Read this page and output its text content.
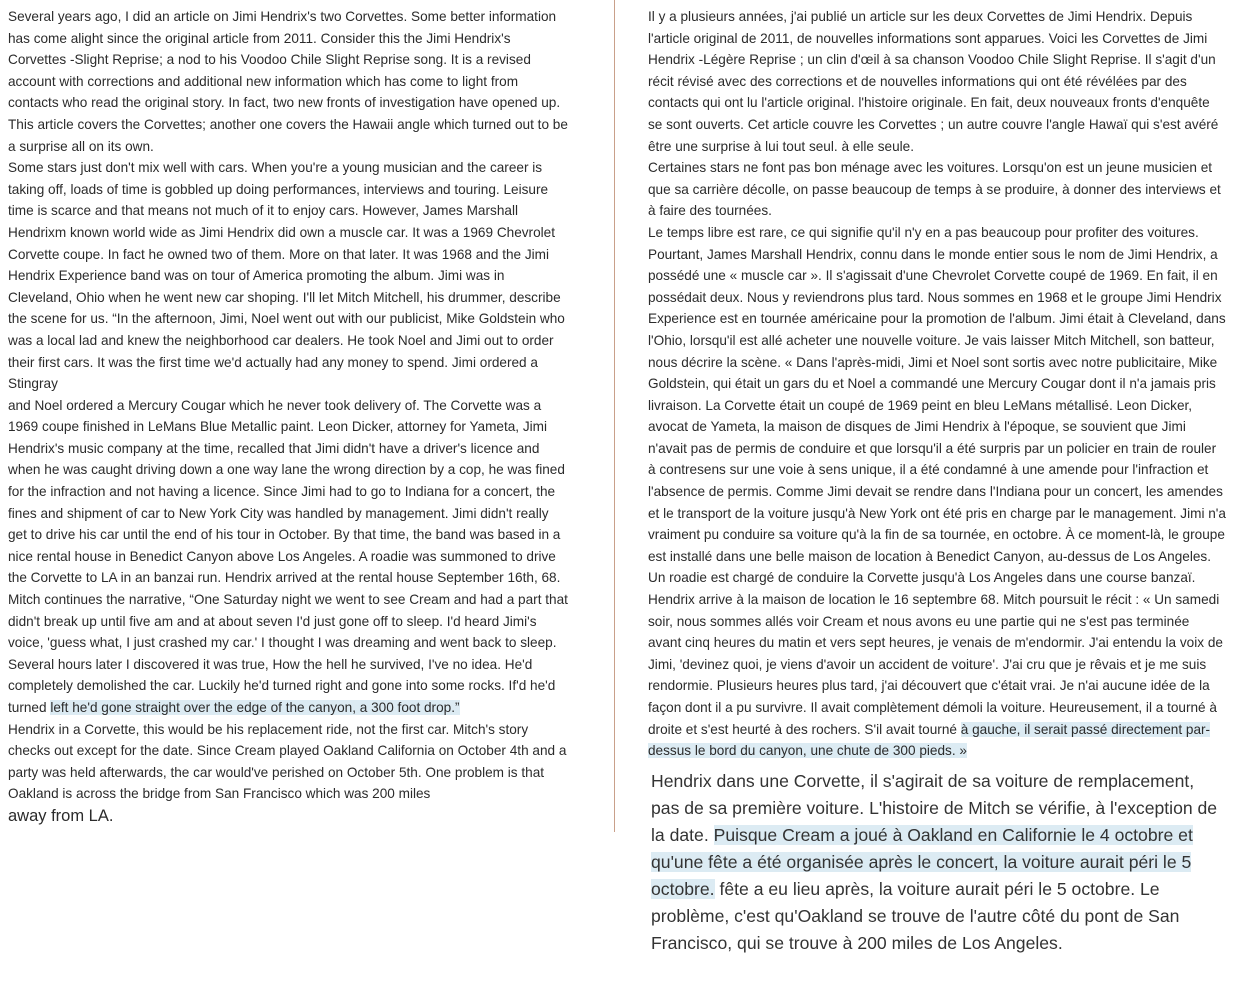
Several years ago, I did an article on Jimi Hendrix's two Corvettes. Some better information has come alight since the original article from 2011. Consider this the Jimi Hendrix's Corvettes -Slight Reprise; a nod to his Voodoo Chile Slight Reprise song. It is a revised account with corrections and additional new information which has come to light from contacts who read the original story. In fact, two new fronts of investigation have opened up. This article covers the Corvettes; another one covers the Hawaii angle which turned out to be a surprise all on its own.

Some stars just don't mix well with cars. When you're a young musician and the career is taking off, loads of time is gobbled up doing performances, interviews and touring. Leisure time is scarce and that means not much of it to enjoy cars. However, James Marshall Hendrixm known world wide as Jimi Hendrix did own a muscle car. It was a 1969 Chevrolet Corvette coupe. In fact he owned two of them. More on that later. It was 1968 and the Jimi Hendrix Experience band was on tour of America promoting the album. Jimi was in Cleveland, Ohio when he went new car shoping. I'll let Mitch Mitchell, his drummer, describe the scene for us. “In the afternoon, Jimi, Noel went out with our publicist, Mike Goldstein who was a local lad and knew the neighborhood car dealers. He took Noel and Jimi out to order their first cars. It was the first time we'd actually had any money to spend. Jimi ordered a Stingray

and Noel ordered a Mercury Cougar which he never took delivery of. The Corvette was a 1969 coupe finished in LeMans Blue Metallic paint. Leon Dicker, attorney for Yameta, Jimi Hendrix's music company at the time, recalled that Jimi didn't have a driver's licence and when he was caught driving down a one way lane the wrong direction by a cop, he was fined for the infraction and not having a licence. Since Jimi had to go to Indiana for a concert, the fines and shipment of car to New York City was handled by management. Jimi didn't really get to drive his car until the end of his tour in October. By that time, the band was based in a nice rental house in Benedict Canyon above Los Angeles. A roadie was summoned to drive the Corvette to LA in an banzai run. Hendrix arrived at the rental house September 16th, 68. Mitch continues the narrative, “One Saturday night we went to see Cream and had a part that didn't break up until five am and at about seven I'd just gone off to sleep. I'd heard Jimi's voice, 'guess what, I just crashed my car.' I thought I was dreaming and went back to sleep. Several hours later I discovered it was true, How the hell he survived, I've no idea. He'd completely demolished the car. Luckily he'd turned right and gone into some rocks. If'd he'd turned left he'd gone straight over the edge of the canyon, a 300 foot drop.”

Hendrix in a Corvette, this would be his replacement ride, not the first car. Mitch's story checks out except for the date. Since Cream played Oakland California on October 4th and a party was held afterwards, the car would've perished on October 5th. One problem is that Oakland is across the bridge from San Francisco which was 200 miles

away from LA.

Il y a plusieurs années, j'ai publié un article sur les deux Corvettes de Jimi Hendrix. Depuis l'article original de 2011, de nouvelles informations sont apparues. Voici les Corvettes de Jimi Hendrix -Légère Reprise ; un clin d'œil à sa chanson Voodoo Chile Slight Reprise. Il s'agit d'un récit révisé avec des corrections et de nouvelles informations qui ont été révélées par des contacts qui ont lu l'article original. l'histoire originale. En fait, deux nouveaux fronts d'enquête se sont ouverts. Cet article couvre les Corvettes ; un autre couvre l'angle Hawaï qui s'est avéré être une surprise à lui tout seul. à elle seule.

Certaines stars ne font pas bon ménage avec les voitures. Lorsqu'on est un jeune musicien et que sa carrière décolle, on passe beaucoup de temps à se produire, à donner des interviews et à faire des tournées.

Le temps libre est rare, ce qui signifie qu'il n'y en a pas beaucoup pour profiter des voitures. Pourtant, James Marshall Hendrix, connu dans le monde entier sous le nom de Jimi Hendrix, a possédé une « muscle car ». Il s'agissait d'une Chevrolet Corvette coupé de 1969. En fait, il en possédait deux. Nous y reviendrons plus tard. Nous sommes en 1968 et le groupe Jimi Hendrix Experience est en tournée américaine pour la promotion de l'album. Jimi était à Cleveland, dans l'Ohio, lorsqu'il est allé acheter une nouvelle voiture. Je vais laisser Mitch Mitchell, son batteur, nous décrire la scène. « Dans l'après-midi, Jimi et Noel sont sortis avec notre publicitaire, Mike Goldstein, qui était un gars du et Noel a commandé une Mercury Cougar dont il n'a jamais pris livraison. La Corvette était un coupé de 1969 peint en bleu LeMans métallisé. Leon Dicker, avocat de Yameta, la maison de disques de Jimi Hendrix à l'époque, se souvient que Jimi n'avait pas de permis de conduire et que lorsqu'il a été surpris par un policier en train de rouler à contresens sur une voie à sens unique, il a été condamné à une amende pour l'infraction et l'absence de permis. Comme Jimi devait se rendre dans l'Indiana pour un concert, les amendes et le transport de la voiture jusqu'à New York ont été pris en charge par le management. Jimi n'a vraiment pu conduire sa voiture qu'à la fin de sa tournée, en octobre. À ce moment-là, le groupe est installé dans une belle maison de location à Benedict Canyon, au-dessus de Los Angeles. Un roadie est chargé de conduire la Corvette jusqu'à Los Angeles dans une course banzaï. Hendrix arrive à la maison de location le 16 septembre 68. Mitch poursuit le récit : « Un samedi soir, nous sommes allés voir Cream et nous avons eu une partie qui ne s'est pas terminée avant cinq heures du matin et vers sept heures, je venais de m'endormir. J'ai entendu la voix de Jimi, 'devinez quoi, je viens d'avoir un accident de voiture'. J'ai cru que je rêvais et je me suis rendormie. Plusieurs heures plus tard, j'ai découvert que c'était vrai. Je n'ai aucune idée de la façon dont il a pu survivre. Il avait complètement démoli la voiture. Heureusement, il a tourné à droite et s'est heurté à des rochers. S'il avait tourné à gauche, il serait passé directement par-dessus le bord du canyon, une chute de 300 pieds. »

Hendrix dans une Corvette, il s'agirait de sa voiture de remplacement, pas de sa première voiture. L'histoire de Mitch se vérifie, à l'exception de la date. Puisque Cream a joué à Oakland en Californie le 4 octobre et qu'une fête a été organisée après le concert, la voiture aurait péri le 5 octobre. fête a eu lieu après, la voiture aurait péri le 5 octobre. Le problème, c'est qu'Oakland se trouve de l'autre côté du pont de San Francisco, qui se trouve à 200 miles de Los Angeles.
